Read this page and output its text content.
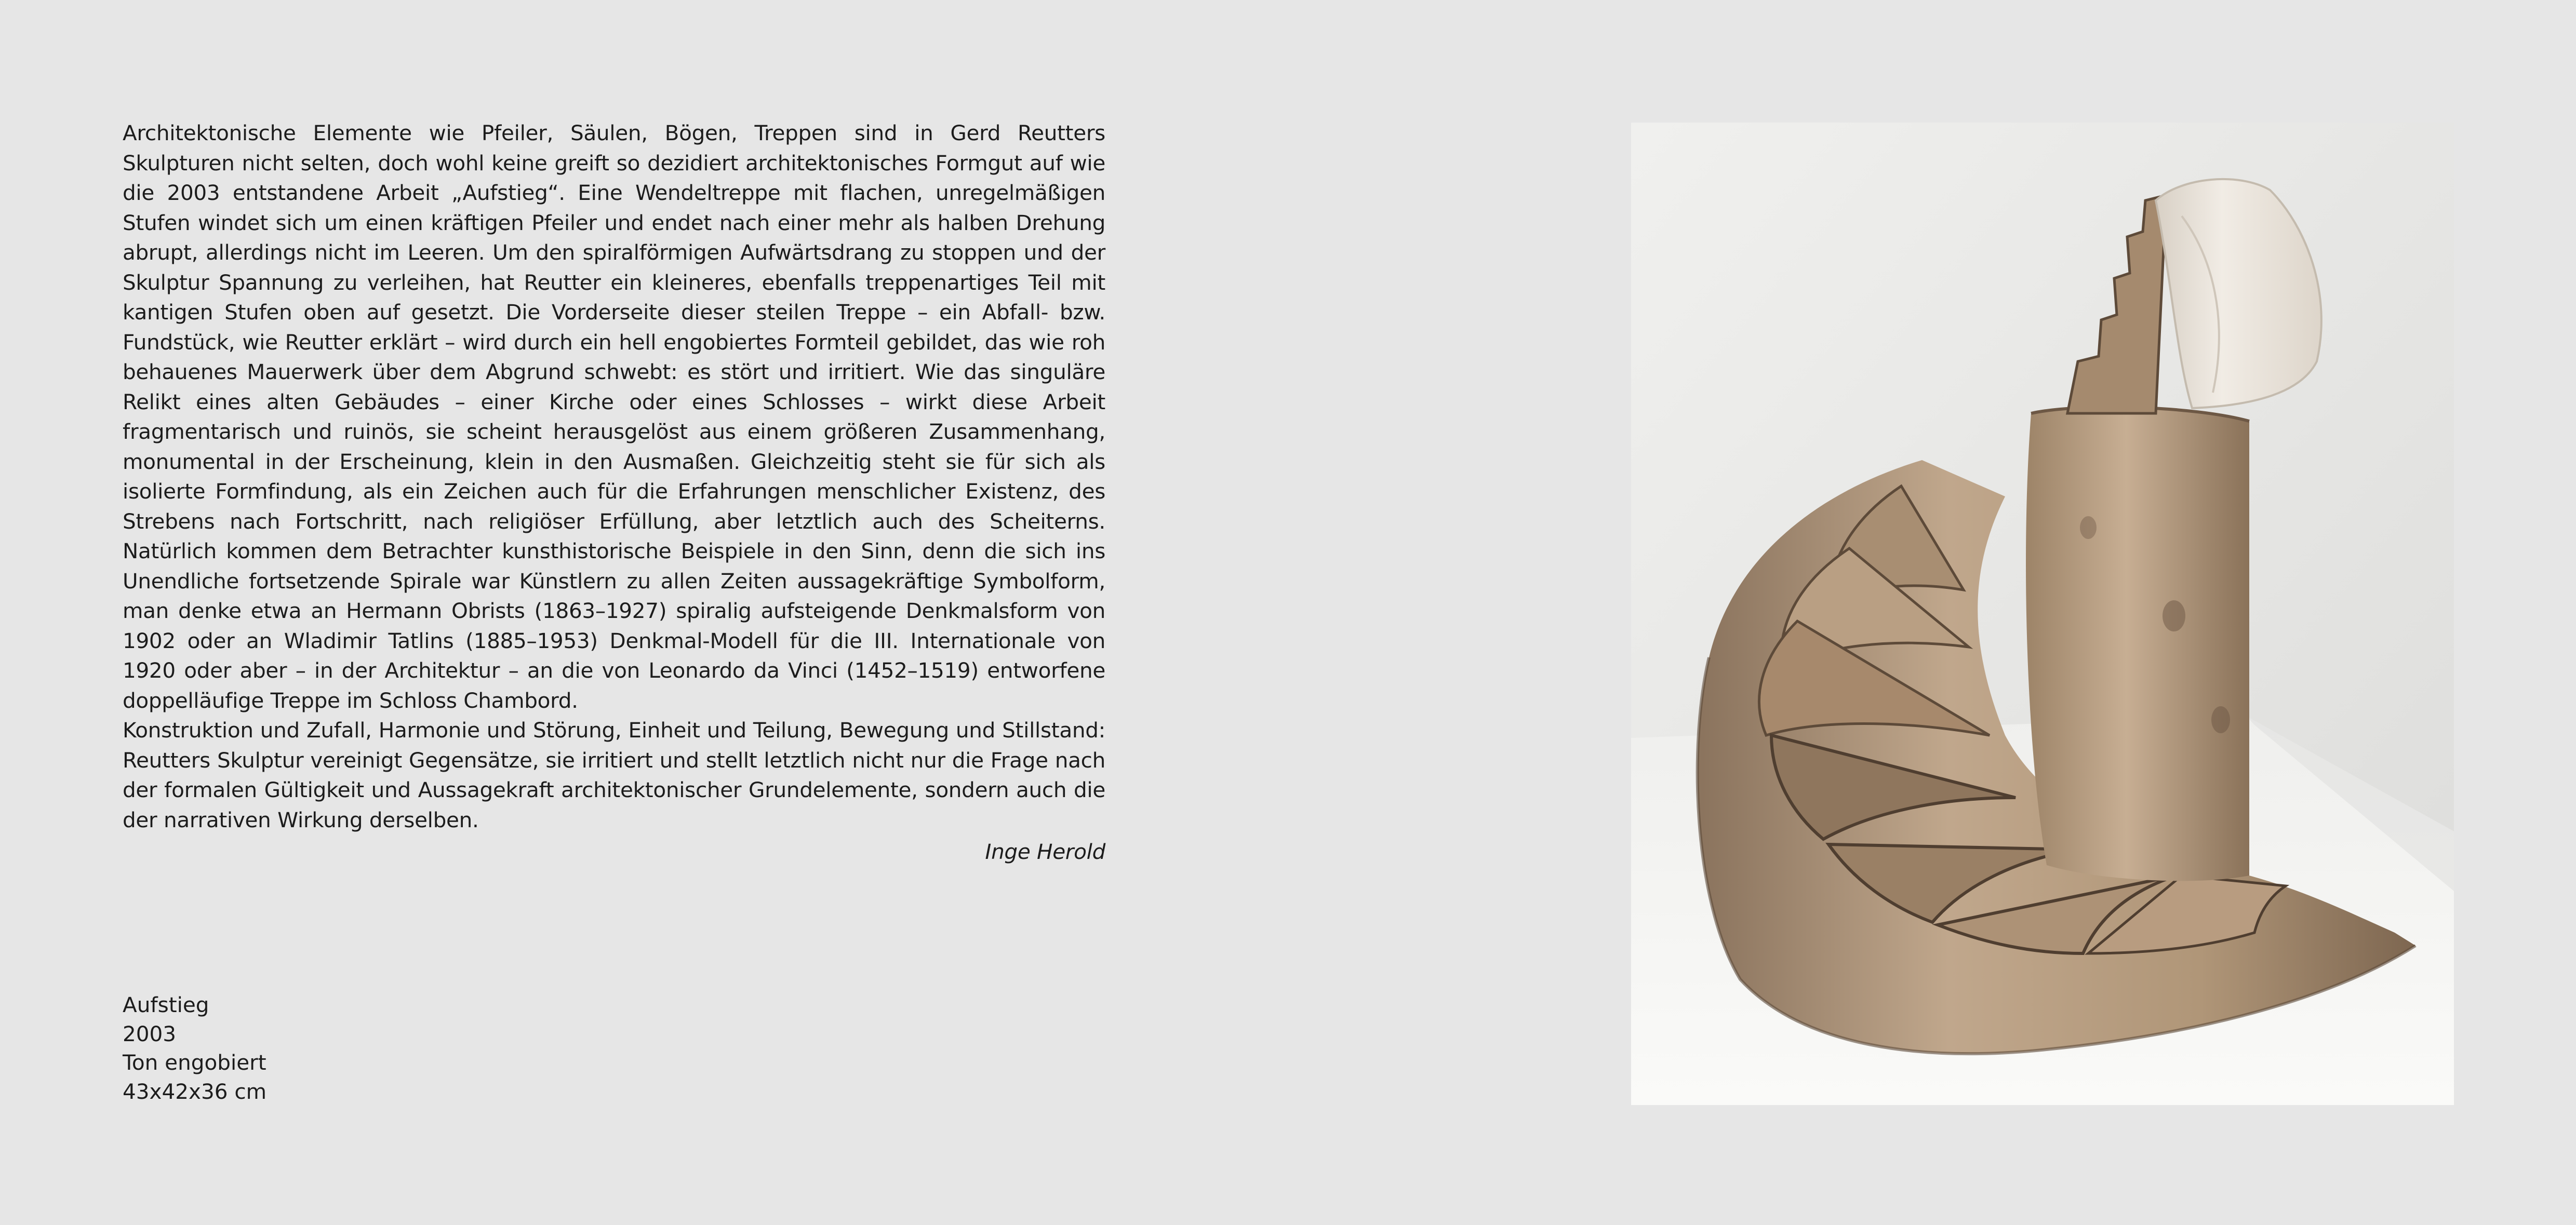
Architektonische Elemente wie Pfeiler, Säulen, Bögen, Treppen sind in Gerd Reutters Skulpturen nicht selten, doch wohl keine greift so dezidiert architektonisches Formgut auf wie die 2003 entstandene Arbeit „Aufstieg“. Eine Wendeltreppe mit flachen, unregelmäßigen Stufen windet sich um einen kräftigen Pfeiler und endet nach einer mehr als halben Drehung abrupt, allerdings nicht im Leeren. Um den spiralförmigen Aufwärtsdrang zu stoppen und der Skulptur Spannung zu verleihen, hat Reutter ein kleineres, ebenfalls treppenartiges Teil mit kantigen Stufen oben auf gesetzt. Die Vorderseite dieser steilen Treppe – ein Abfall- bzw. Fundstück, wie Reutter erklärt – wird durch ein hell engobiertes Formteil gebildet, das wie roh behauenes Mauerwerk über dem Abgrund schwebt: es stört und irritiert. Wie das singuläre Relikt eines alten Gebäudes – einer Kirche oder eines Schlosses – wirkt diese Arbeit fragmentarisch und ruinös, sie scheint herausgelöst aus einem größeren Zusammenhang, monumental in der Erscheinung, klein in den Ausmaßen. Gleichzeitig steht sie für sich als isolierte Formfindung, als ein Zeichen auch für die Erfahrungen menschlicher Existenz, des Strebens nach Fortschritt, nach religiöser Erfüllung, aber letztlich auch des Scheiterns. Natürlich kommen dem Betrachter kunsthistorische Beispiele in den Sinn, denn die sich ins Unendliche fortsetzende Spirale war Künstlern zu allen Zeiten aussagekräftige Symbolform, man denke etwa an Hermann Obrists (1863–1927) spiralig aufsteigende Denkmalsform von 1902 oder an Wladimir Tatlins (1885–1953) Denkmal-Modell für die III. Internationale von 1920 oder aber – in der Architektur – an die von Leonardo da Vinci (1452–1519) entworfene doppelläufige Treppe im Schloss Chambord.

Konstruktion und Zufall, Harmonie und Störung, Einheit und Teilung, Bewegung und Stillstand: Reutters Skulptur vereinigt Gegensätze, sie irritiert und stellt letztlich nicht nur die Frage nach der formalen Gültigkeit und Aussagekraft architektonischer Grundelemente, sondern auch die der narrativen Wirkung derselben.

Inge Herold

Aufstieg
2003
Ton engobiert
43x42x36 cm
